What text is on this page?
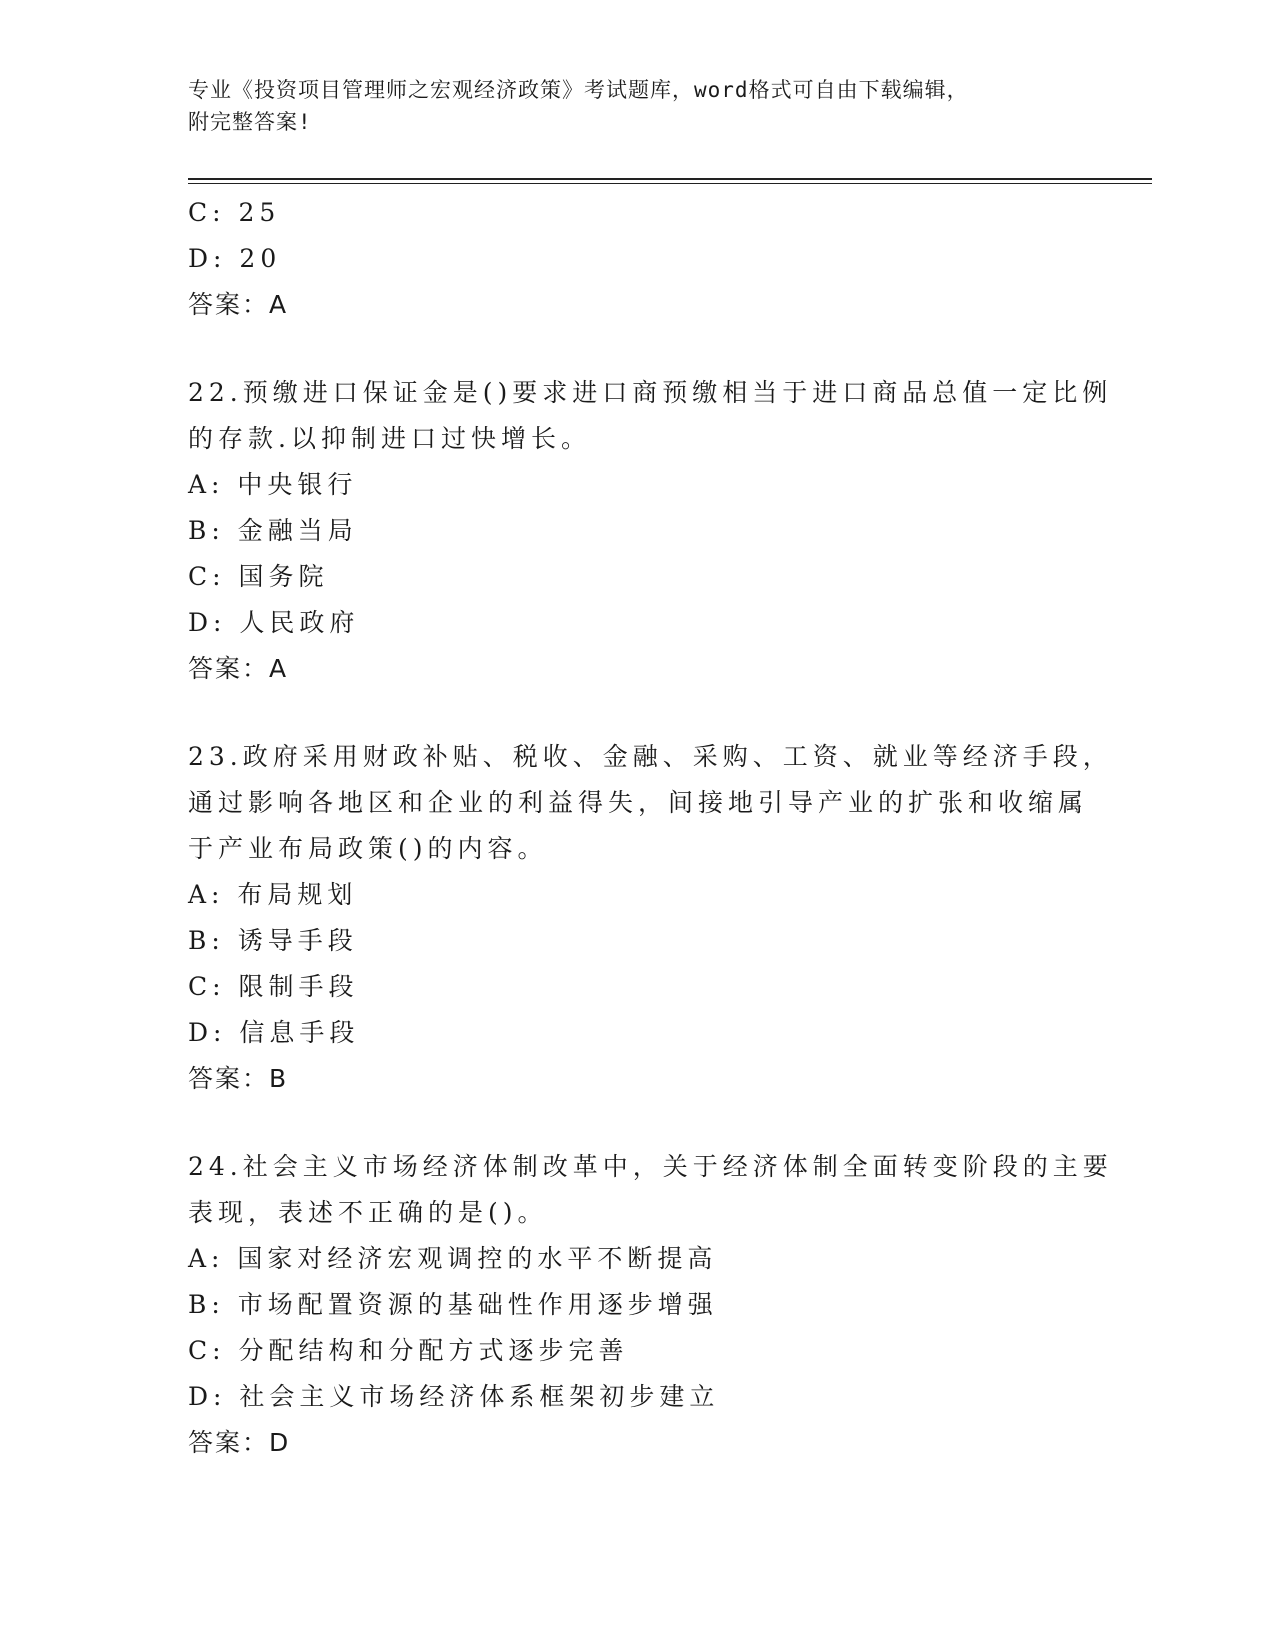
专业《投资项目管理师之宏观经济政策》考试题库，word格式可自由下载编辑，
附完整答案!
C: 25
D: 20
答案：A
22.预缴进口保证金是()要求进口商预缴相当于进口商品总值一定比例
的存款.以抑制进口过快增长。
A: 中央银行
B: 金融当局
C: 国务院
D: 人民政府
答案：A
23.政府采用财政补贴、税收、金融、采购、工资、就业等经济手段，
通过影响各地区和企业的利益得失，间接地引导产业的扩张和收缩属
于产业布局政策()的内容。
A: 布局规划
B: 诱导手段
C: 限制手段
D: 信息手段
答案：B
24.社会主义市场经济体制改革中，关于经济体制全面转变阶段的主要
表现，表述不正确的是()。
A: 国家对经济宏观调控的水平不断提高
B: 市场配置资源的基础性作用逐步增强
C: 分配结构和分配方式逐步完善
D: 社会主义市场经济体系框架初步建立
答案：D
